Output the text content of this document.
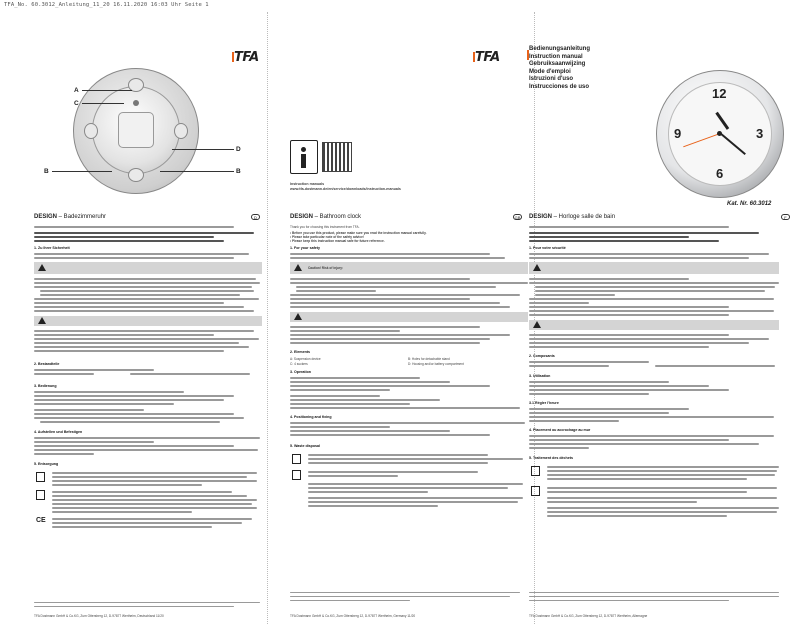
TFA_No. 60.3012_Anleitung_11_20 16.11.2020 16:03 Uhr Seite 1
TFA
A
C
D
B	B
DESIGN – Badezimmeruhr	D
1. Zu Ihrer Sicherheit
2. Bestandteile
3. Bedienung
4. Aufstellen und Befestigen
5. Entsorgung
CE
TFA Dostmann GmbH & Co.KG, Zum Ottersberg 12, D-97877 Wertheim, Deutschland 11/20
TFA
Instruction manuals
www.tfa-dostmann.de/en/service/downloads/instruction-manuals
DESIGN – Bathroom clock	GB
Thank you for choosing this instrument from TFA.
• Before you use this product, please make sure you read the instruction manual carefully.
• Please take particular note of the safety advice!
• Please keep this instruction manual safe for future reference.
1. For your safety
Caution! Risk of injury:
2. Elements
A: Suspension device	B: Holes for detachable stand
C: 4 suckers	D: Housing and/or battery compartment
3. Operation
4. Positioning and fixing
5. Waste disposal
TFA Dostmann GmbH & Co.KG, Zum Ottersberg 12, D-97877 Wertheim, Germany 11/20
Bedienungsanleitung
Instruction manual
Gebruiksaanwijzing
Mode d'emploi
Istruzioni d'uso
Instrucciones de uso	12
3
6
9
Kat. Nr. 60.3012
DESIGN – Horloge salle de bain	F
1. Pour votre sécurité
2. Composants
3. Utilisation
3.1 Régler l'heure
4. Placement ou accrochage au mur
5. Traitement des déchets
TFA Dostmann GmbH & Co.KG, Zum Ottersberg 12, D-97877 Wertheim, Allemagne
